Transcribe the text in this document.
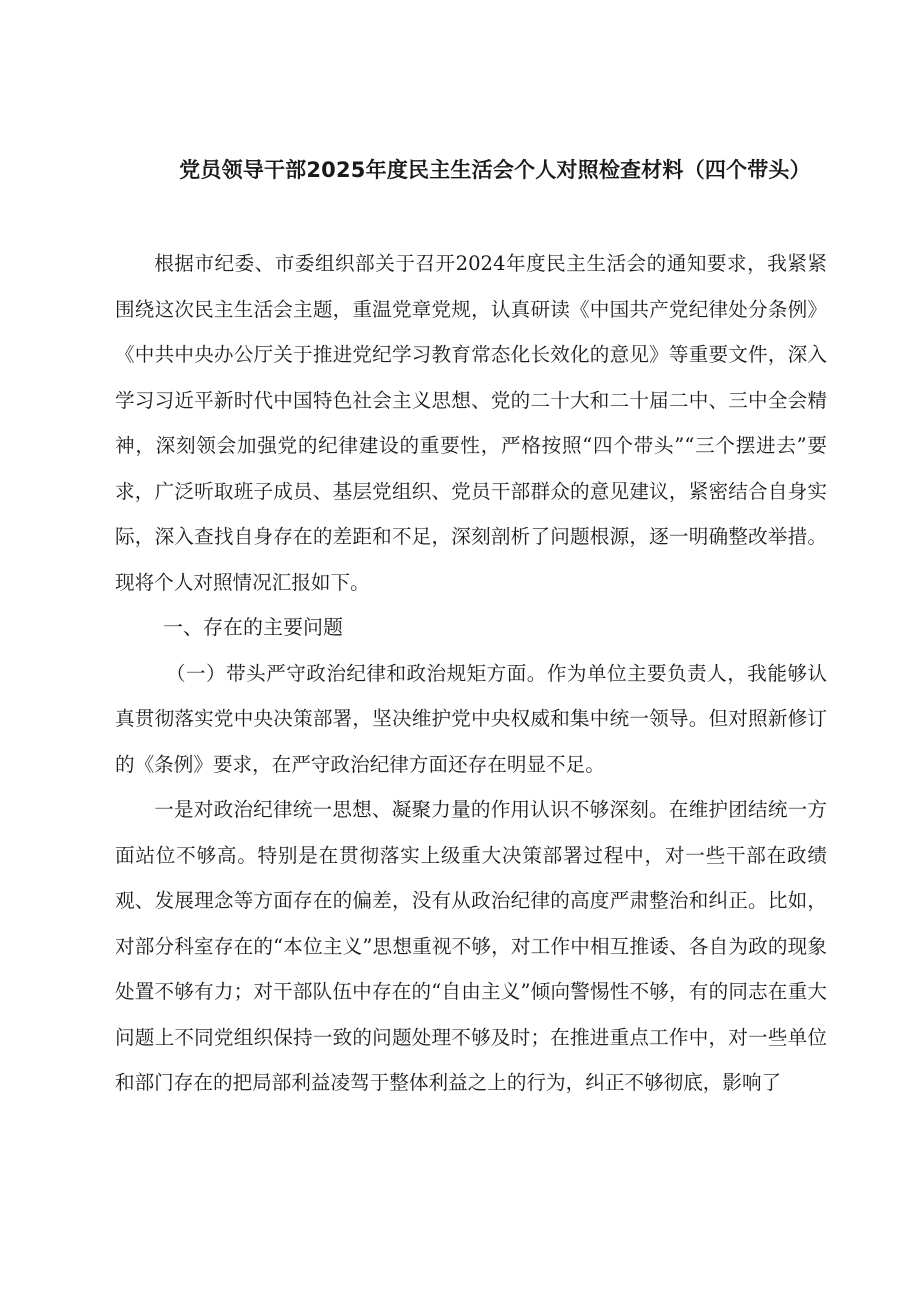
党员领导干部2025年度民主生活会个人对照检查材料（四个带头）

根据市纪委、市委组织部关于召开2024年度民主生活会的通知要求，我紧紧围绕这次民主生活会主题，重温党章党规，认真研读《中国共产党纪律处分条例》《中共中央办公厅关于推进党纪学习教育常态化长效化的意见》等重要文件，深入学习习近平新时代中国特色社会主义思想、党的二十大和二十届二中、三中全会精神，深刻领会加强党的纪律建设的重要性，严格按照“四个带头”“三个摆进去”要求，广泛听取班子成员、基层党组织、党员干部群众的意见建议，紧密结合自身实际，深入查找自身存在的差距和不足，深刻剖析了问题根源，逐一明确整改举措。现将个人对照情况汇报如下。

一、存在的主要问题

（一）带头严守政治纪律和政治规矩方面。作为单位主要负责人，我能够认真贯彻落实党中央决策部署，坚决维护党中央权威和集中统一领导。但对照新修订的《条例》要求，在严守政治纪律方面还存在明显不足。

一是对政治纪律统一思想、凝聚力量的作用认识不够深刻。在维护团结统一方面站位不够高。特别是在贯彻落实上级重大决策部署过程中，对一些干部在政绩观、发展理念等方面存在的偏差，没有从政治纪律的高度严肃整治和纠正。比如，对部分科室存在的“本位主义”思想重视不够，对工作中相互推诿、各自为政的现象处置不够有力；对干部队伍中存在的“自由主义”倾向警惕性不够，有的同志在重大问题上不同党组织保持一致的问题处理不够及时；在推进重点工作中，对一些单位和部门存在的把局部利益凌驾于整体利益之上的行为，纠正不够彻底，影响了
